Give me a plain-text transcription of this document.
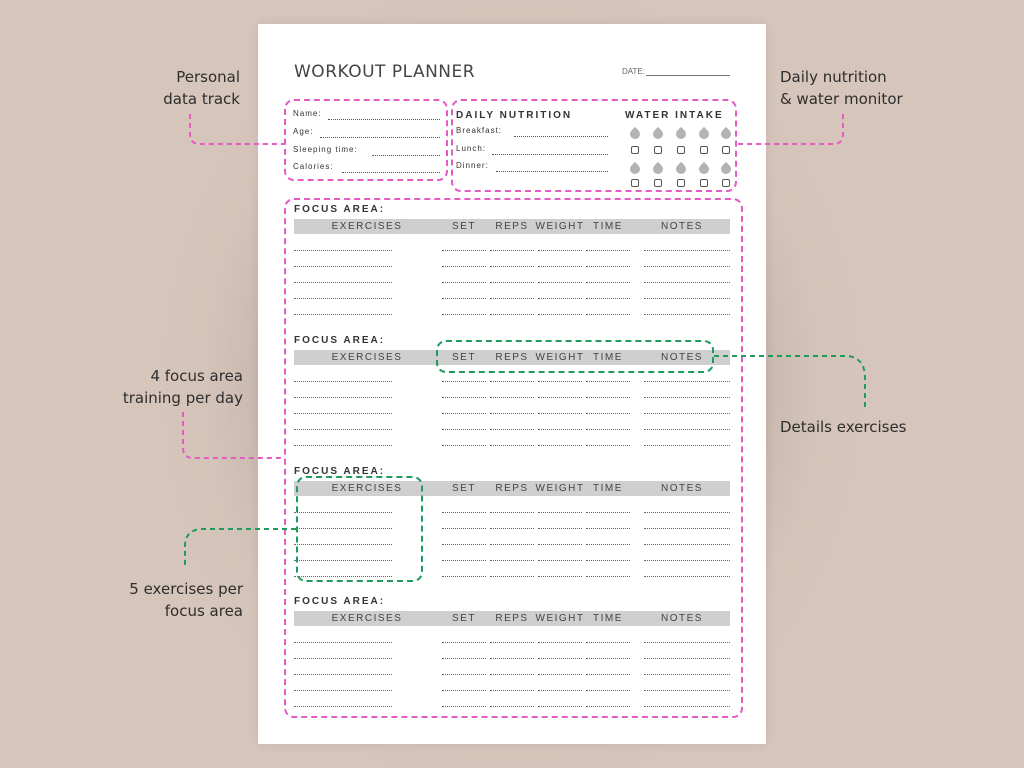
Personal
data track
Daily nutrition
& water monitor
4 focus area
training per day
Details exercises
5 exercises per
focus area
WORKOUT PLANNER	DATE:
Name:
Age:
Sleeping time:
Calories:
DAILY NUTRITION
Breakfast:
Lunch:
Dinner:
WATER INTAKE
FOCUS AREA:
EXERCISES	SET	REPS WEIGHT TIME	NOTES
FOCUS AREA:
EXERCISES	SET	REPS WEIGHT TIME	NOTES
FOCUS AREA:
EXERCISES	SET	REPS WEIGHT TIME	NOTES
FOCUS AREA:
EXERCISES	SET	REPS WEIGHT TIME	NOTES
